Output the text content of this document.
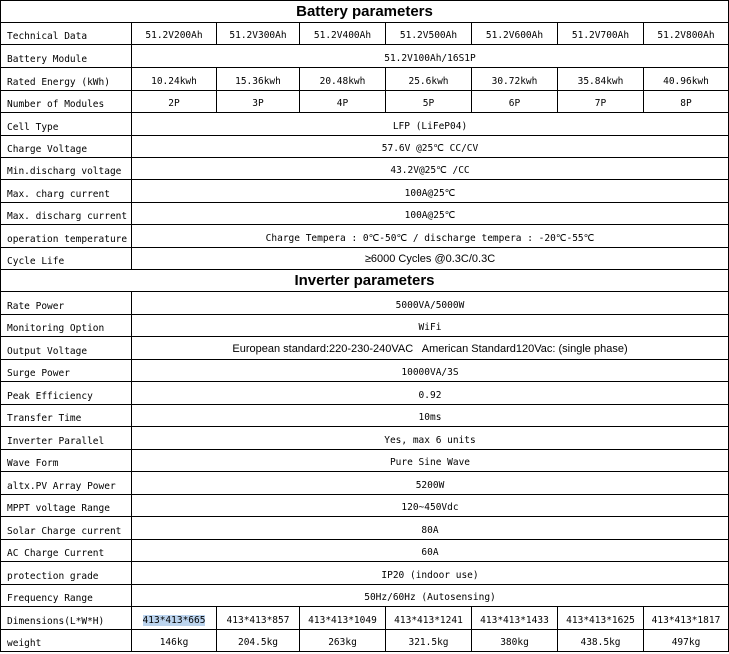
Battery parameters							
Technical Data	51.2V200Ah	51.2V300Ah	51.2V400Ah	51.2V500Ah	51.2V600Ah	51.2V700Ah	51.2V800Ah
Battery Module	51.2V100Ah/16S1P						
Rated Energy (kWh)	10.24kwh	15.36kwh	20.48kwh	25.6kwh	30.72kwh	35.84kwh	40.96kwh
Number of Modules	2P	3P	4P	5P	6P	7P	8P
Cell Type	LFP (LiFeP04)						
Charge Voltage	57.6V @25℃ CC/CV						
Min.discharg voltage	43.2V@25℃ /CC						
Max. charg current	100A@25℃						
Max. discharg current	100A@25℃						
operation temperature	Charge Tempera : 0℃-50℃ / discharge tempera : -20℃-55℃						
Cycle Life	≥6000 Cycles @0.3C/0.3C						
Inverter parameters							
Rate Power	5000VA/5000W						
Monitoring Option	WiFi						
Output Voltage	European standard:220-230-240VAC   American Standard120Vac: (single phase)						
Surge Power	10000VA/3S						
Peak Efficiency	0.92						
Transfer Time	10ms						
Inverter Parallel	Yes, max 6 units						
Wave Form	Pure Sine Wave						
altx.PV Array Power	5200W						
MPPT voltage Range	120~450Vdc						
Solar Charge current	80A						
AC Charge Current	60A						
protection grade	IP20 (indoor use)						
Frequency Range	50Hz/60Hz (Autosensing)						
Dimensions(L*W*H)	413*413*665	413*413*857	413*413*1049	413*413*1241	413*413*1433	413*413*1625	413*413*1817
weight	146kg	204.5kg	263kg	321.5kg	380kg	438.5kg	497kg
